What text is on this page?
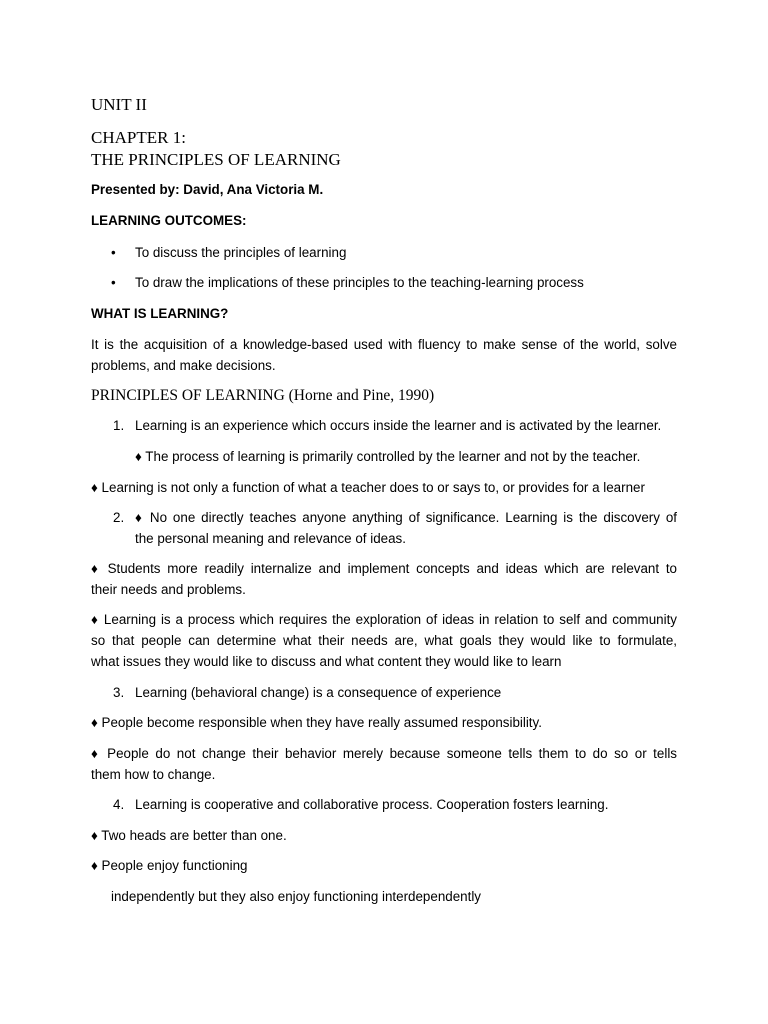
UNIT II
CHAPTER 1:
THE PRINCIPLES OF LEARNING
Presented by: David, Ana Victoria M.
LEARNING OUTCOMES:
• To discuss the principles of learning
• To draw the implications of these principles to the teaching-learning process
WHAT IS LEARNING?
It is the acquisition of a knowledge-based used with fluency to make sense of the world, solve
problems, and make decisions.
PRINCIPLES OF LEARNING (Horne and Pine, 1990)
1. Learning is an experience which occurs inside the learner and is activated by the learner.
♦ The process of learning is primarily controlled by the learner and not by the teacher.
♦ Learning is not only a function of what a teacher does to or says to, or provides for a learner
2. ♦ No one directly teaches anyone anything of significance. Learning is the discovery of
the personal meaning and relevance of ideas.
♦ Students more readily internalize and implement concepts and ideas which are relevant to
their needs and problems.
♦ Learning is a process which requires the exploration of ideas in relation to self and community
so that people can determine what their needs are, what goals they would like to formulate,
what issues they would like to discuss and what content they would like to learn
3. Learning (behavioral change) is a consequence of experience
♦ People become responsible when they have really assumed responsibility.
♦ People do not change their behavior merely because someone tells them to do so or tells
them how to change.
4. Learning is cooperative and collaborative process. Cooperation fosters learning.
♦ Two heads are better than one.
♦ People enjoy functioning
independently but they also enjoy functioning interdependently
